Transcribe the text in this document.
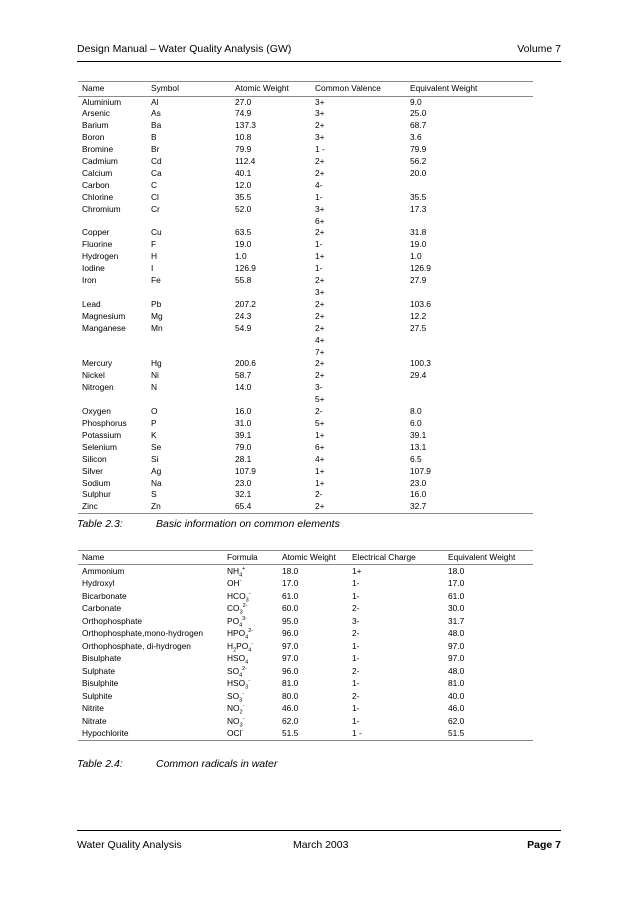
Design Manual – Water Quality Analysis (GW)	Volume 7
Name	Symbol	Atomic Weight	Common Valence	Equivalent Weight
Aluminium	Al	27.0	3+	9.0
Arsenic	As	74.9	3+	25.0
Barium	Ba	137.3	2+	68.7
Boron	B	10.8	3+	3.6
Bromine	Br	79.9	1 -	79.9
Cadmium	Cd	112.4	2+	56.2
Calcium	Ca	40.1	2+	20.0
Carbon	C	12.0	4-	
Chlorine	Cl	35.5	1-	35.5
Chromium	Cr	52.0	3+	17.3
			6+	
Copper	Cu	63.5	2+	31.8
Fluorine	F	19.0	1-	19.0
Hydrogen	H	1.0	1+	1.0
Iodine	I	126.9	1-	126.9
Iron	Fe	55.8	2+	27.9
			3+	
Lead	Pb	207.2	2+	103.6
Magnesium	Mg	24.3	2+	12.2
Manganese	Mn	54.9	2+	27.5
			4+	
			7+	
Mercury	Hg	200.6	2+	100.3
Nickel	Ni	58.7	2+	29.4
Nitrogen	N	14.0	3-	
			5+	
Oxygen	O	16.0	2-	8.0
Phosphorus	P	31.0	5+	6.0
Potassium	K	39.1	1+	39.1
Selenium	Se	79.0	6+	13.1
Silicon	Si	28.1	4+	6.5
Silver	Ag	107.9	1+	107.9
Sodium	Na	23.0	1+	23.0
Sulphur	S	32.1	2-	16.0
Zinc	Zn	65.4	2+	32.7
Table 2.3:	Basic information on common elements
Name	Formula	Atomic Weight	Electrical Charge	Equivalent Weight
Ammonium	$NH_4^+$	18.0	1+	18.0
Hydroxyl	OH-	17.0	1-	17.0
Bicarbonate	$HCO_3^-$	61.0	1-	61.0
Carbonate	$CO_3^{2-}$	60.0	2-	30.0
Orthophosphate	$PO_4^{3-}$	95.0	3-	31.7
Orthophosphate,mono-hydrogen	$HPO_4^{2-}$	96.0	2-	48.0
Orthophosphate, di-hydrogen	$H_2PO_4^-$	97.0	1-	97.0
Bisulphate	$HSO_4$	97.0	1-	97.0
Sulphate	$SO_4^{2-}$	96.0	2-	48.0
Bisulphite	$HSO_3^-$	81.0	1-	81.0
Sulphite	$SO_3^-$	80.0	2-	40.0
Nitrite	$NO_2^-$	46.0	1-	46.0
Nitrate	$NO_3^-$	62.0	1-	62.0
Hypochlorite	OCl-	51.5	1 -	51.5
Table 2.4:	Common radicals in water
Water Quality Analysis	March 2003	Page 7
